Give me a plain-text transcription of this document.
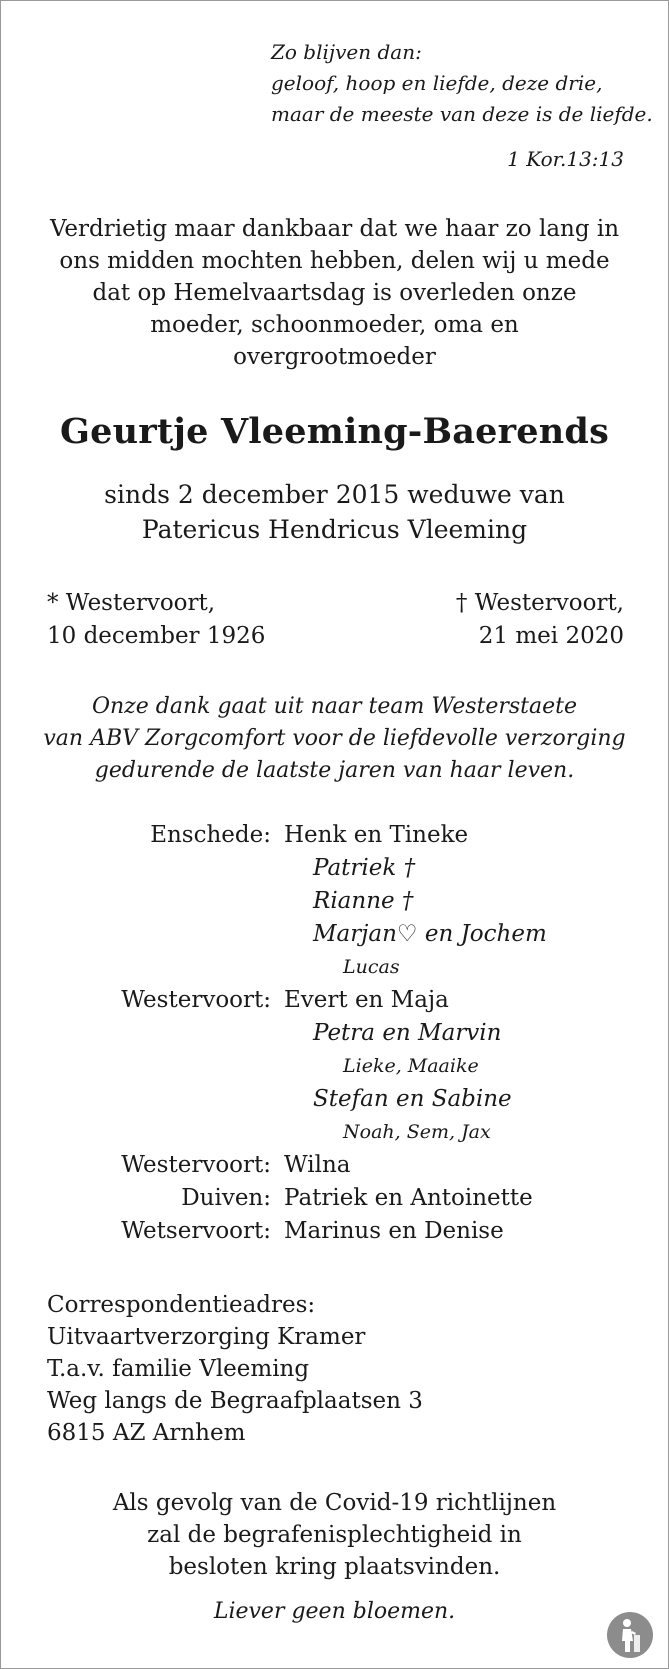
Zo blijven dan:
geloof, hoop en liefde, deze drie,
maar de meeste van deze is de liefde.
1 Kor.13:13
Verdrietig maar dankbaar dat we haar zo lang in
ons midden mochten hebben, delen wij u mede
dat op Hemelvaartsdag is overleden onze
moeder, schoonmoeder, oma en
overgrootmoeder
Geurtje Vleeming-Baerends
sinds 2 december 2015 weduwe van
Patericus Hendricus Vleeming
* Westervoort,
10 december 1926
† Westervoort,
21 mei 2020
Onze dank gaat uit naar team Westerstaete
van ABV Zorgcomfort voor de liefdevolle verzorging
gedurende de laatste jaren van haar leven.
Enschede: Henk en Tineke
Patriek †
Rianne †
Marjan♡ en Jochem
Lucas
Westervoort: Evert en Maja
Petra en Marvin
Lieke, Maaike
Stefan en Sabine
Noah, Sem, Jax
Westervoort: Wilna
Duiven: Patriek en Antoinette
Wetservoort: Marinus en Denise
Correspondentieadres:
Uitvaartverzorging Kramer
T.a.v. familie Vleeming
Weg langs de Begraafplaatsen 3
6815 AZ Arnhem
Als gevolg van de Covid-19 richtlijnen
zal de begrafenisplechtigheid in
besloten kring plaatsvinden.
Liever geen bloemen.
